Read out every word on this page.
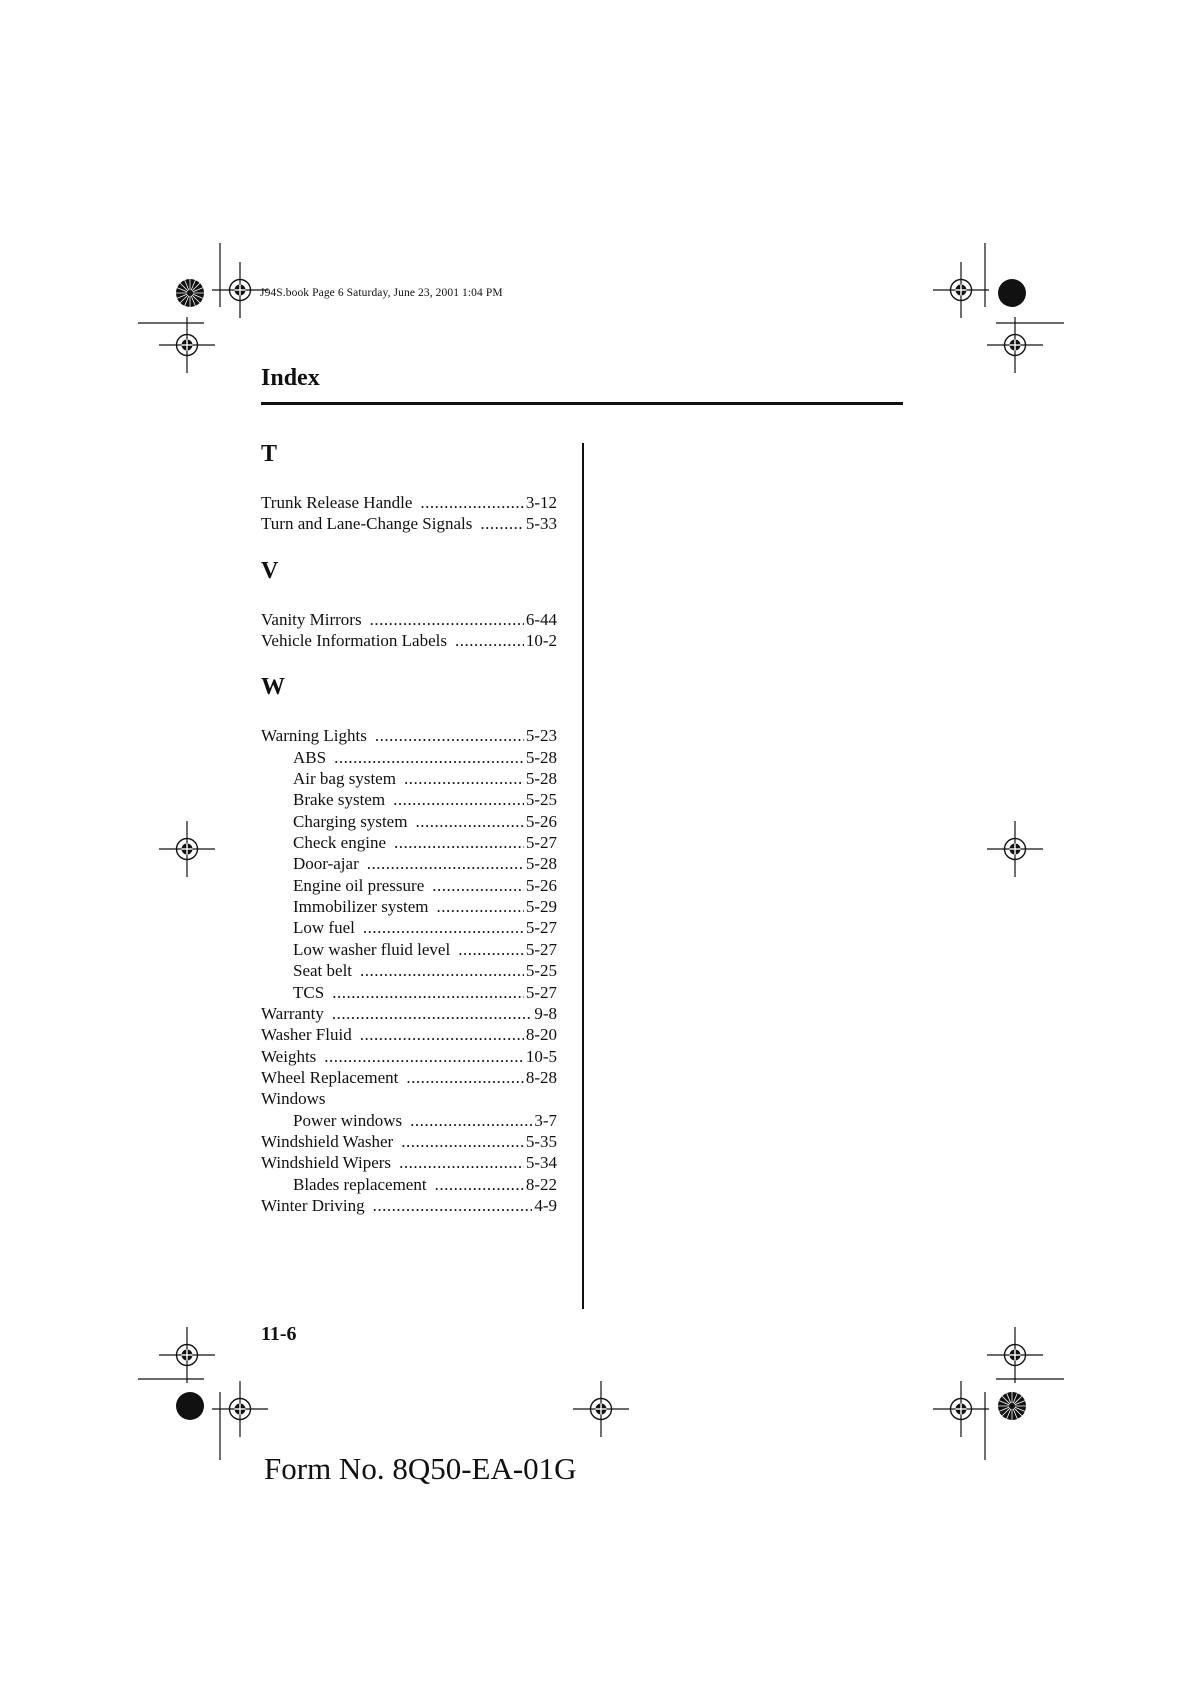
J94S.book Page 6 Saturday, June 23, 2001 1:04 PM
Index
T
Trunk Release Handle .....	3-12
Turn and Lane-Change Signals .....	5-33
V
Vanity Mirrors .....	6-44
Vehicle Information Labels .....	10-2
W
Warning Lights .....	5-23
ABS .....	5-28
Air bag system .....	5-28
Brake system .....	5-25
Charging system .....	5-26
Check engine .....	5-27
Door-ajar .....	5-28
Engine oil pressure .....	5-26
Immobilizer system .....	5-29
Low fuel .....	5-27
Low washer fluid level .....	5-27
Seat belt .....	5-25
TCS .....	5-27
Warranty .....	9-8
Washer Fluid .....	8-20
Weights .....	10-5
Wheel Replacement .....	8-28
Windows
Power windows .....	3-7
Windshield Washer .....	5-35
Windshield Wipers .....	5-34
Blades replacement .....	8-22
Winter Driving .....	4-9
11-6
Form No. 8Q50-EA-01G
